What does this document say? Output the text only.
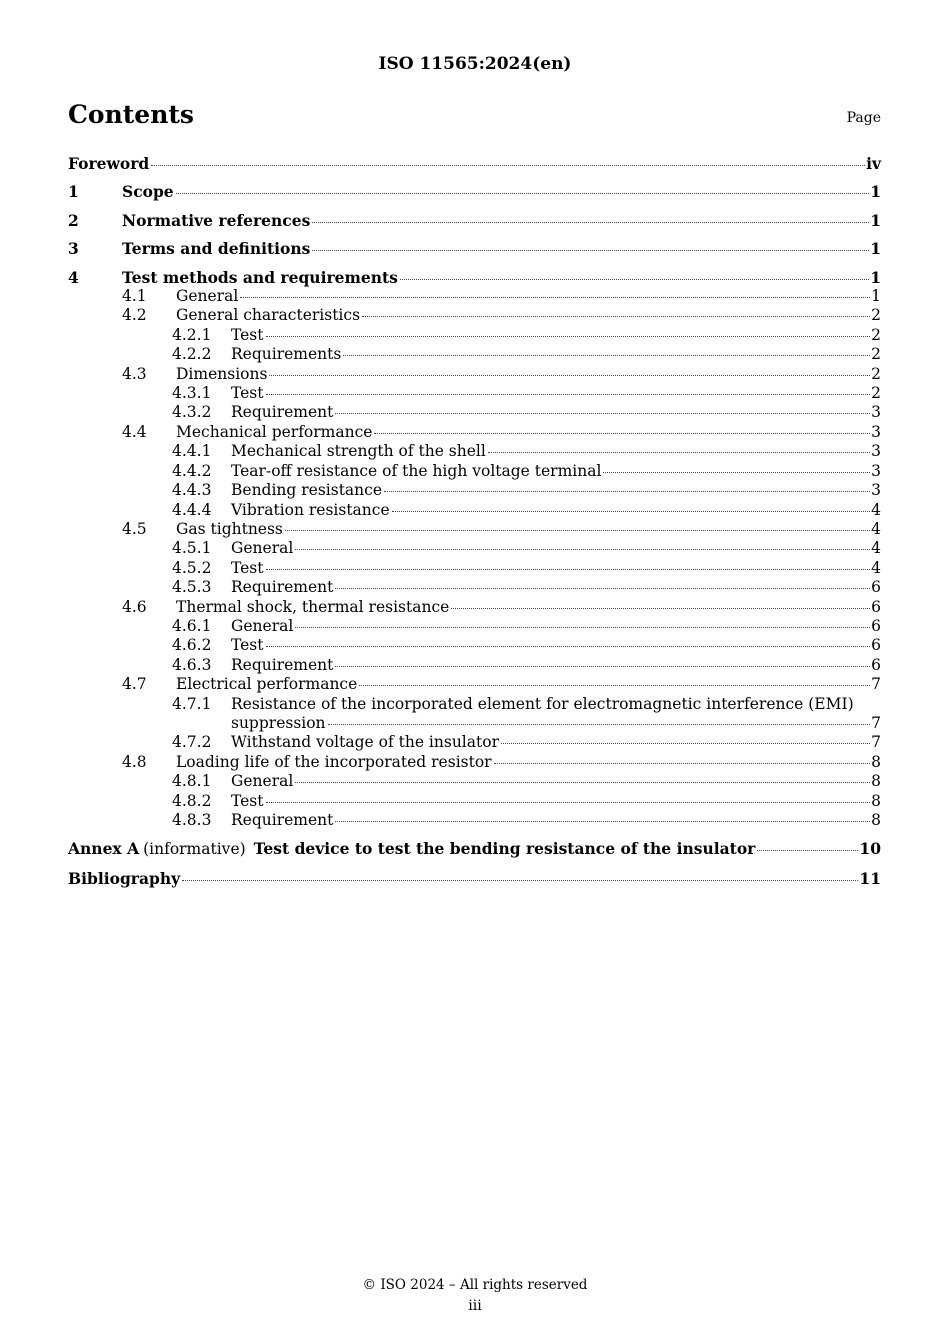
ISO 11565:2024(en)
Contents	Page
Foreword	iv
1	Scope	1
2	Normative references	1
3	Terms and definitions	1
4	Test methods and requirements	1
4.1	General	1
4.2	General characteristics	2
4.2.1	Test	2
4.2.2	Requirements	2
4.3	Dimensions	2
4.3.1	Test	2
4.3.2	Requirement	3
4.4	Mechanical performance	3
4.4.1	Mechanical strength of the shell	3
4.4.2	Tear-off resistance of the high voltage terminal	3
4.4.3	Bending resistance	3
4.4.4	Vibration resistance	4
4.5	Gas tightness	4
4.5.1	General	4
4.5.2	Test	4
4.5.3	Requirement	6
4.6	Thermal shock, thermal resistance	6
4.6.1	General	6
4.6.2	Test	6
4.6.3	Requirement	6
4.7	Electrical performance	7
4.7.1	Resistance of the incorporated element for electromagnetic interference (EMI)
suppression	7
4.7.2	Withstand voltage of the insulator	7
4.8	Loading life of the incorporated resistor	8
4.8.1	General	8
4.8.2	Test	8
4.8.3	Requirement	8
Annex A (informative) Test device to test the bending resistance of the insulator	10
Bibliography	11
© ISO 2024 – All rights reserved
iii
